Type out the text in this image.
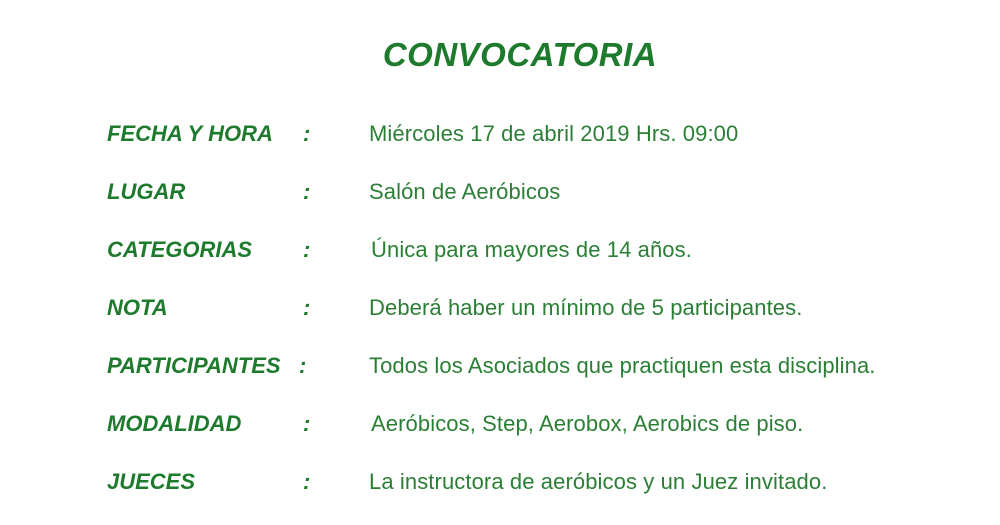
CONVOCATORIA
FECHA Y HORA :	Miércoles 17 de abril 2019 Hrs. 09:00
LUGAR	:	Salón de Aeróbicos
CATEGORIAS :	Única para mayores de 14 años.
NOTA	:	Deberá haber un mínimo de 5 participantes.
PARTICIPANTES :	Todos los Asociados que practiquen esta disciplina.
MODALIDAD	:	Aeróbicos, Step, Aerobox, Aerobics de piso.
JUECES	:	La instructora de aeróbicos y un Juez invitado.
